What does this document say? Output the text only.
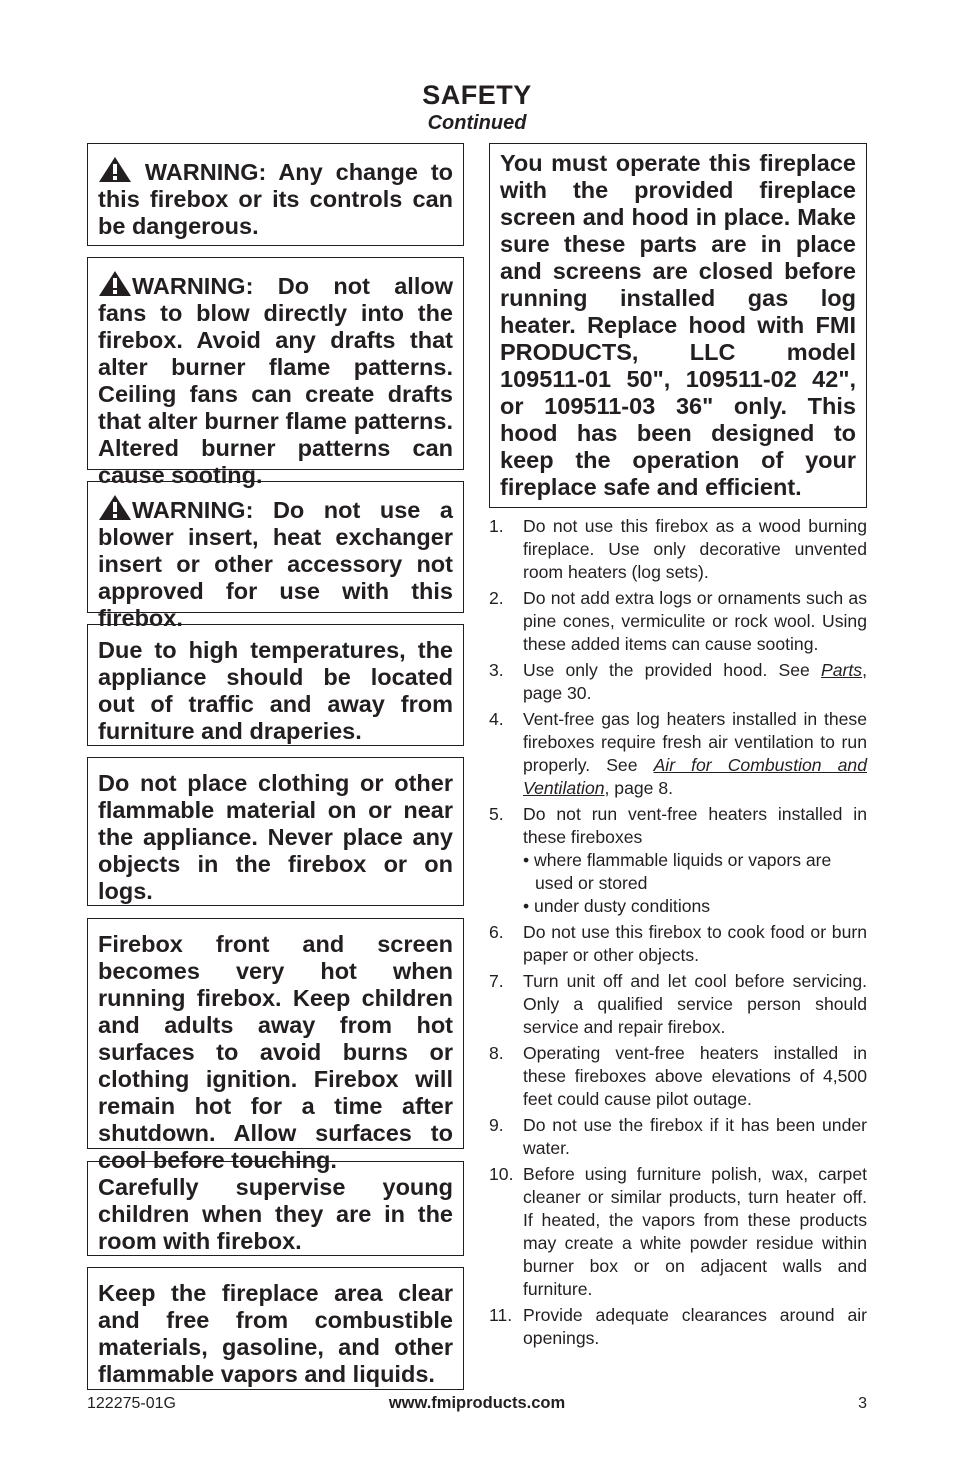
SAFETY
Continued
WARNING: Any change to this firebox or its controls can be dangerous.
WARNING: Do not allow fans to blow directly into the firebox. Avoid any drafts that alter burner flame patterns. Ceiling fans can create drafts that alter burner flame patterns. Altered burner patterns can cause sooting.
WARNING: Do not use a blower insert, heat exchanger insert or other accessory not approved for use with this firebox.
Due to high temperatures, the appliance should be located out of traffic and away from furniture and draperies.
Do not place clothing or other flammable material on or near the appliance. Never place any objects in the firebox or on logs.
Firebox front and screen becomes very hot when running firebox. Keep children and adults away from hot surfaces to avoid burns or clothing ignition. Firebox will remain hot for a time after shutdown. Allow surfaces to cool before touching.
Carefully supervise young children when they are in the room with firebox.
Keep the fireplace area clear and free from combustible materials, gasoline, and other flammable vapors and liquids.
You must operate this fireplace with the provided fireplace screen and hood in place. Make sure these parts are in place and screens are closed before running installed gas log heater. Replace hood with FMI PRODUCTS, LLC model 109511-01 50", 109511-02 42", or 109511-03 36" only. This hood has been designed to keep the operation of your fireplace safe and efficient.
1. Do not use this firebox as a wood burning fireplace. Use only decorative unvented room heaters (log sets).
2. Do not add extra logs or ornaments such as pine cones, vermiculite or rock wool. Using these added items can cause sooting.
3. Use only the provided hood. See Parts, page 30.
4. Vent-free gas log heaters installed in these fireboxes require fresh air ventilation to run properly. See Air for Combustion and Ventilation, page 8.
5. Do not run vent-free heaters installed in these fireboxes
• where flammable liquids or vapors are used or stored
• under dusty conditions
6. Do not use this firebox to cook food or burn paper or other objects.
7. Turn unit off and let cool before servicing. Only a qualified service person should service and repair firebox.
8. Operating vent-free heaters installed in these fireboxes above elevations of 4,500 feet could cause pilot outage.
9. Do not use the firebox if it has been under water.
10. Before using furniture polish, wax, carpet cleaner or similar products, turn heater off. If heated, the vapors from these products may create a white powder residue within burner box or on adjacent walls and furniture.
11. Provide adequate clearances around air openings.
122275-01G	www.fmiproducts.com	3
